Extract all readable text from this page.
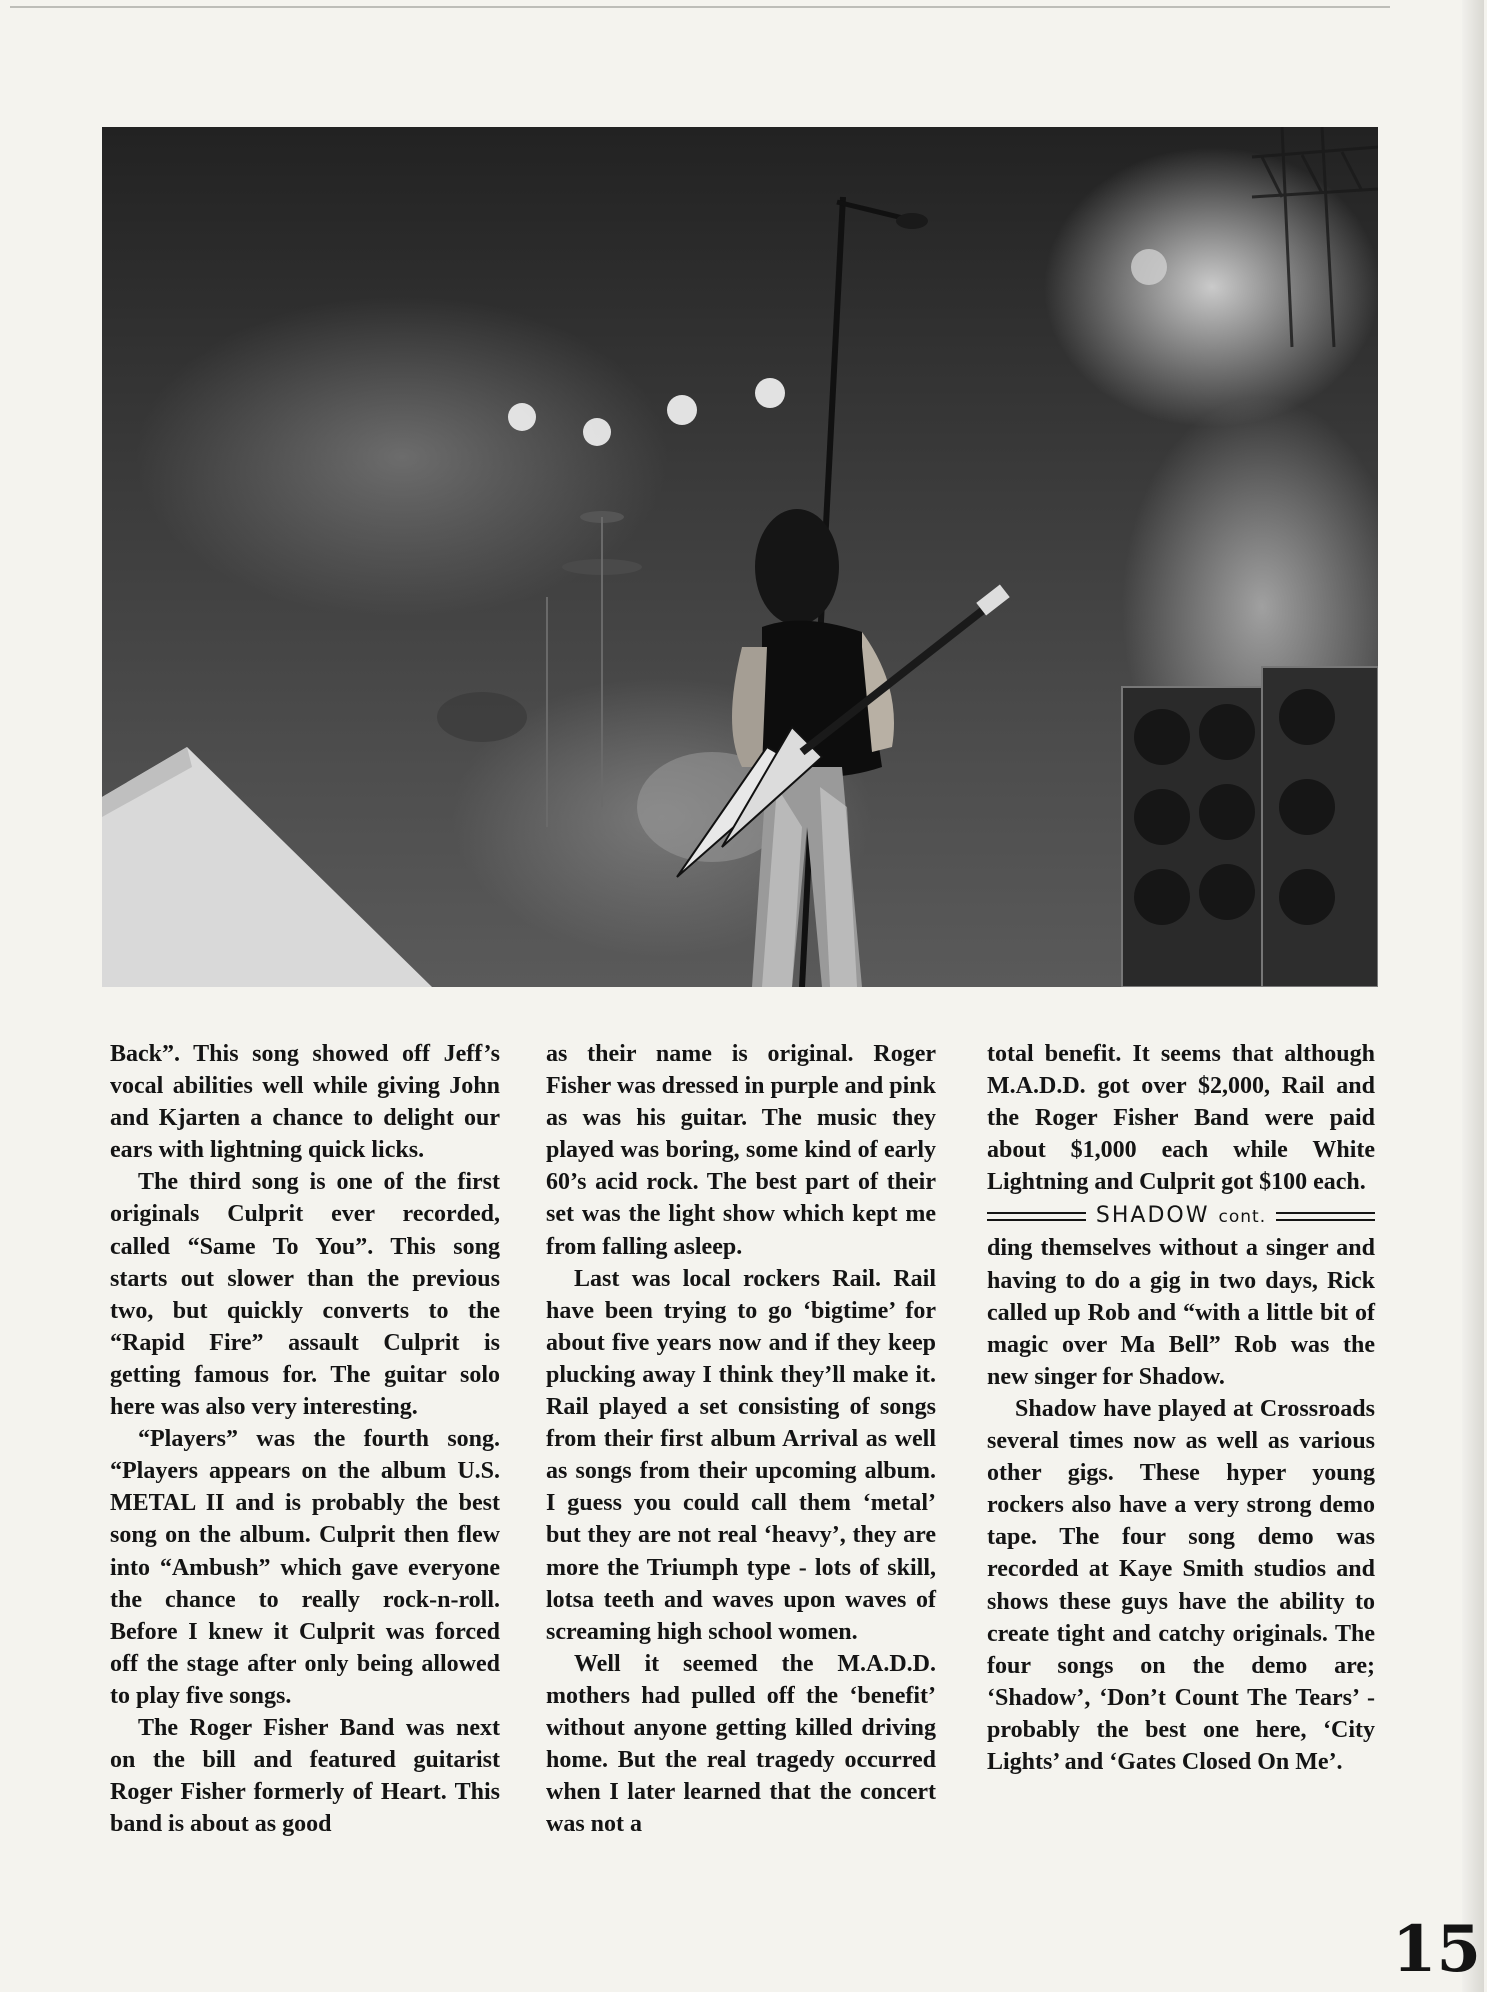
Back”. This song showed off Jeff’s vocal abilities well while giving John and Kjarten a chance to delight our ears with lightning quick licks.

The third song is one of the first originals Culprit ever recorded, called “Same To You”. This song starts out slower than the previous two, but quickly converts to the “Rapid Fire” assault Culprit is getting famous for. The guitar solo here was also very interesting.

“Players” was the fourth song. “Players appears on the album U.S. METAL II and is probably the best song on the album. Culprit then flew into “Ambush” which gave everyone the chance to really rock-n-roll. Before I knew it Culprit was forced off the stage after only being allowed to play five songs.

The Roger Fisher Band was next on the bill and featured guitarist Roger Fisher formerly of Heart. This band is about as good

as their name is original. Roger Fisher was dressed in purple and pink as was his guitar. The music they played was boring, some kind of early 60’s acid rock. The best part of their set was the light show which kept me from falling asleep.

Last was local rockers Rail. Rail have been trying to go ‘bigtime’ for about five years now and if they keep plucking away I think they’ll make it. Rail played a set consisting of songs from their first album Arrival as well as songs from their upcoming album. I guess you could call them ‘metal’ but they are not real ‘heavy’, they are more the Triumph type - lots of skill, lotsa teeth and waves upon waves of screaming high school women.

Well it seemed the M.A.D.D. mothers had pulled off the ‘benefit’ without anyone getting killed driving home. But the real tragedy occurred when I later learned that the concert was not a

total benefit. It seems that although M.A.D.D. got over $2,000, Rail and the Roger Fisher Band were paid about $1,000 each while White Lightning and Culprit got $100 each.

SHADOW cont.

ding themselves without a singer and having to do a gig in two days, Rick called up Rob and “with a little bit of magic over Ma Bell” Rob was the new singer for Shadow.

Shadow have played at Crossroads several times now as well as various other gigs. These hyper young rockers also have a very strong demo tape. The four song demo was recorded at Kaye Smith studios and shows these guys have the ability to create tight and catchy originals. The four songs on the demo are; ‘Shadow’, ‘Don’t Count The Tears’ - probably the best one here, ‘City Lights’ and ‘Gates Closed On Me’.

15
